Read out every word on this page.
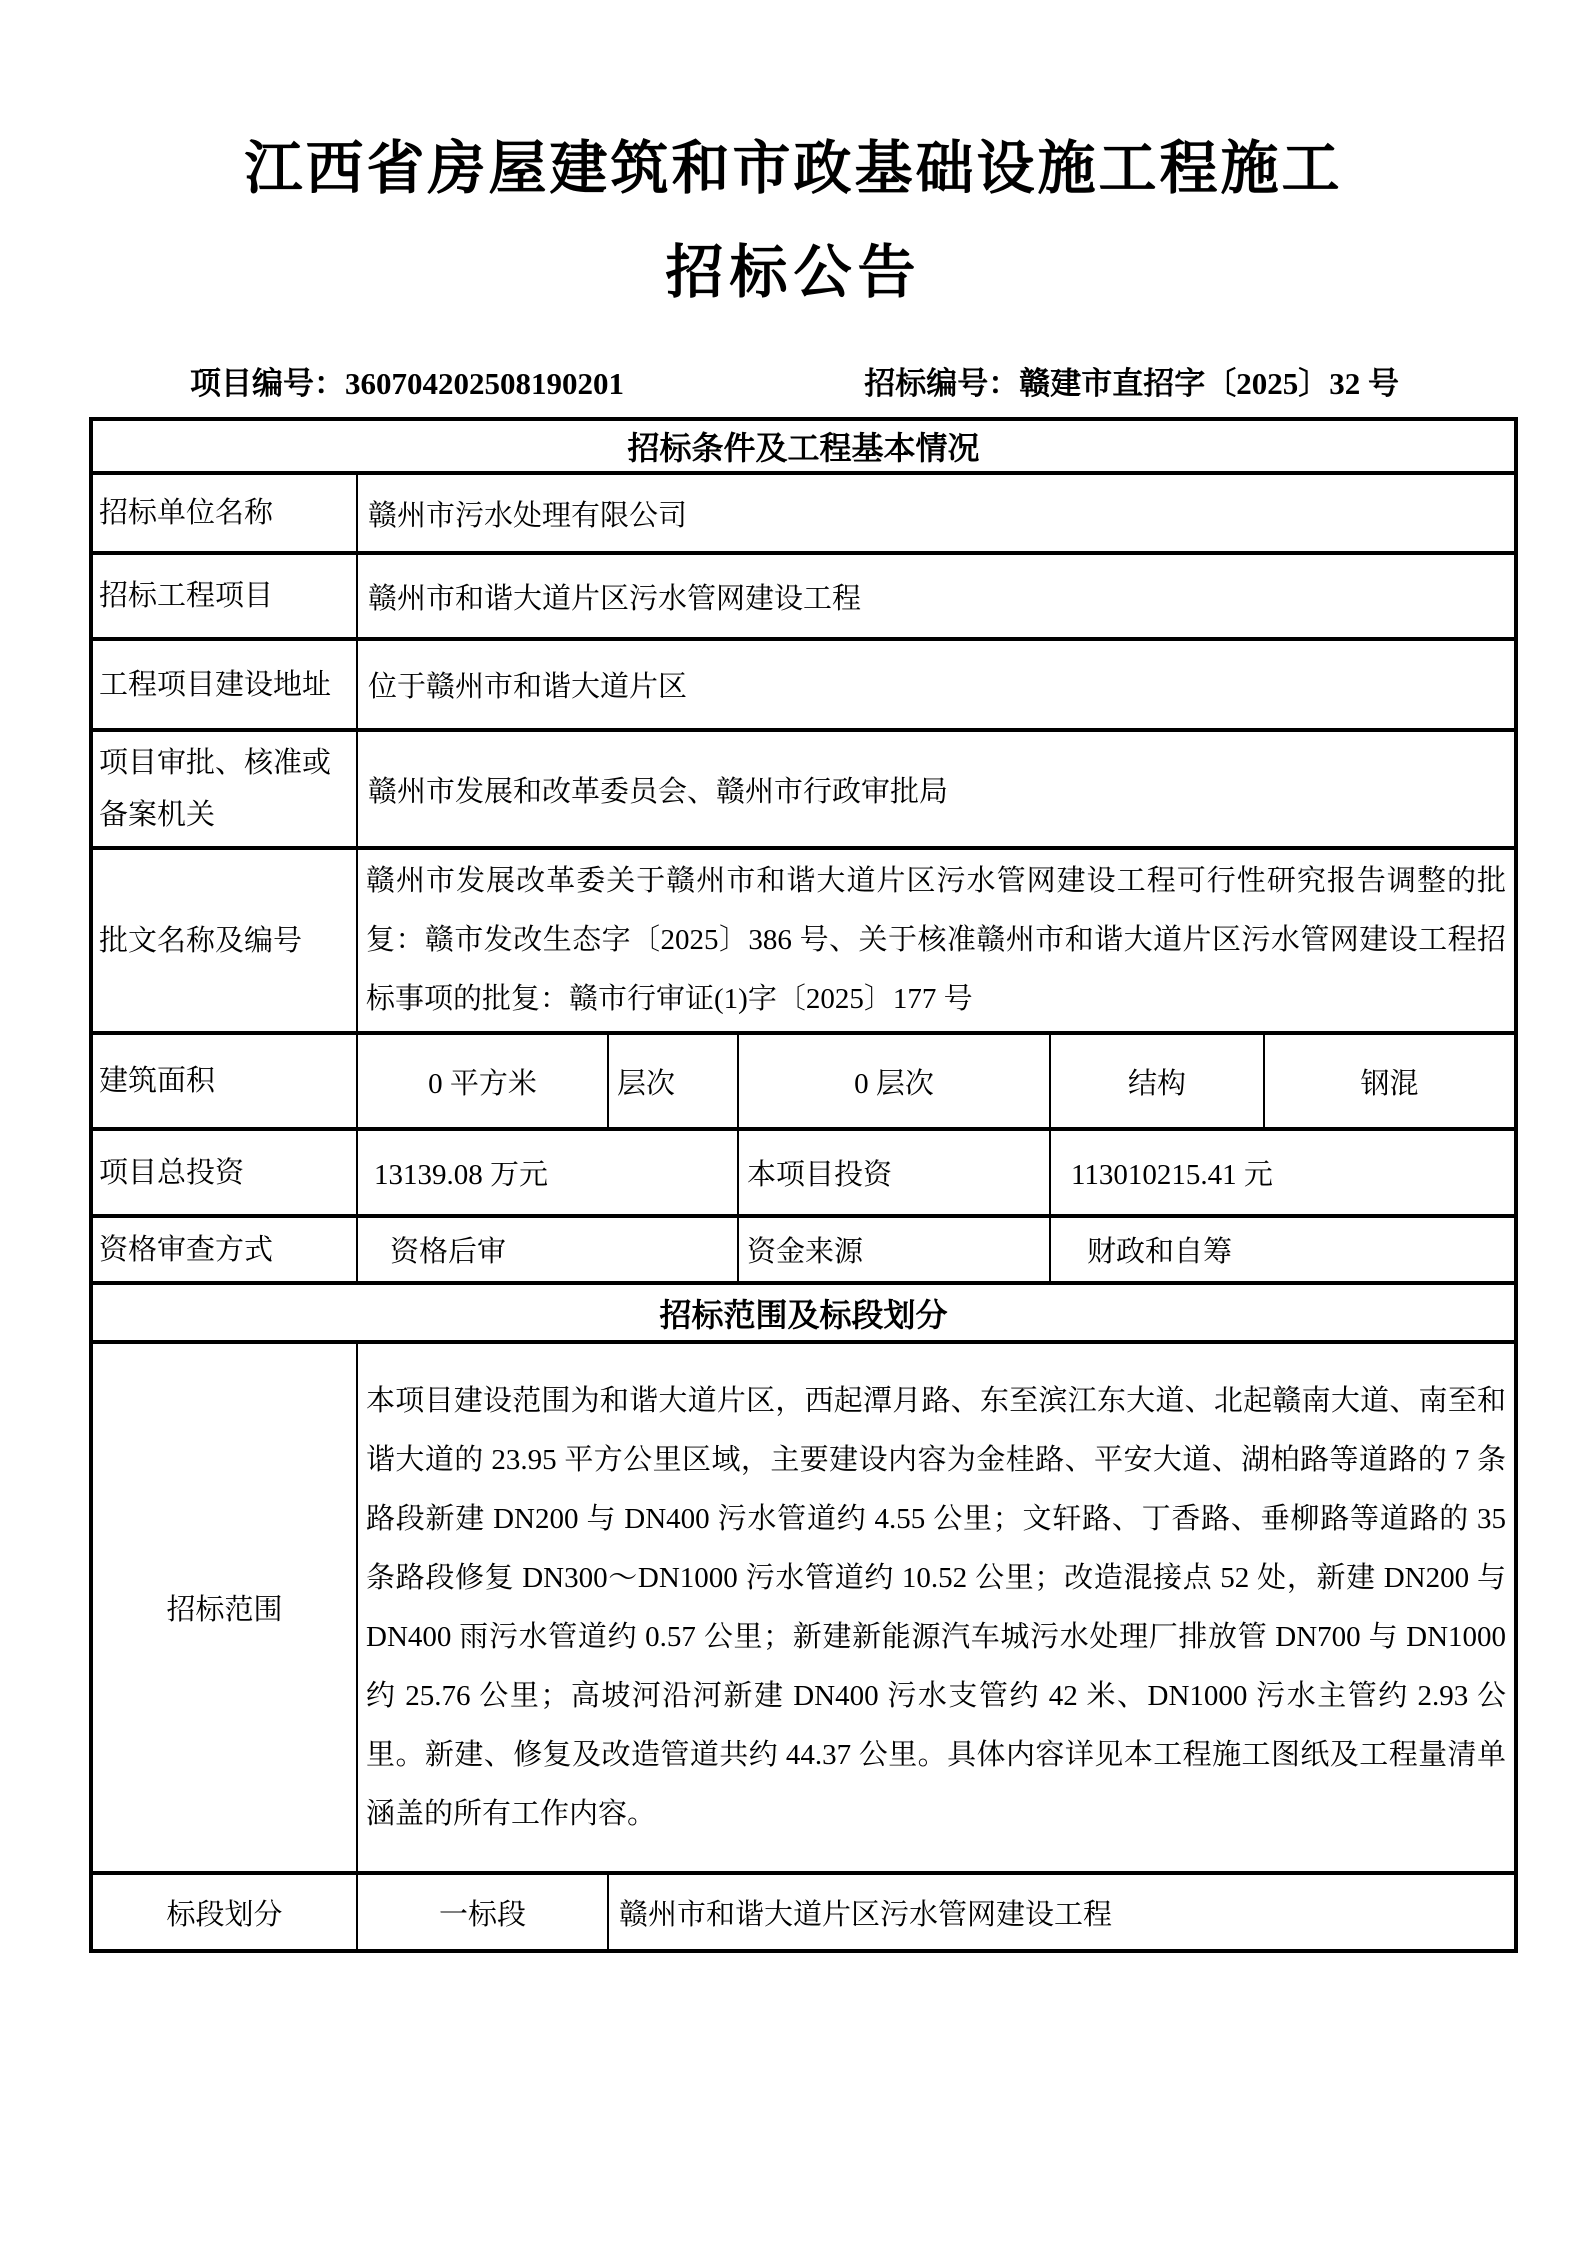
江西省房屋建筑和市政基础设施工程施工
招标公告
项目编号：360704202508190201	招标编号：赣建市直招字〔2025〕32 号
招标条件及工程基本情况					
招标单位名称	赣州市污水处理有限公司				
招标工程项目	赣州市和谐大道片区污水管网建设工程				
工程项目建设地址	位于赣州市和谐大道片区				
项目审批、核准或备案机关	赣州市发展和改革委员会、赣州市行政审批局				
批文名称及编号	赣州市发展改革委关于赣州市和谐大道片区污水管网建设工程可行性研究报告调整的批复：赣市发改生态字〔2025〕386 号、关于核准赣州市和谐大道片区污水管网建设工程招标事项的批复：赣市行审证(1)字〔2025〕177 号				
建筑面积	0 平方米	层次	0 层次	结构	钢混
项目总投资	13139.08 万元		本项目投资	113010215.41 元	
资格审查方式	资格后审		资金来源	财政和自筹	
招标范围及标段划分					
招标范围	本项目建设范围为和谐大道片区，西起潭月路、东至滨江东大道、北起赣南大道、南至和谐大道的 23.95 平方公里区域，主要建设内容为金桂路、平安大道、湖柏路等道路的 7 条路段新建 DN200 与 DN400 污水管道约 4.55 公里；文轩路、丁香路、垂柳路等道路的 35 条路段修复 DN300～DN1000 污水管道约 10.52 公里；改造混接点 52 处，新建 DN200 与 DN400 雨污水管道约 0.57 公里；新建新能源汽车城污水处理厂排放管 DN700 与 DN1000 约 25.76 公里；高坡河沿河新建 DN400 污水支管约 42 米、DN1000 污水主管约 2.93 公里。新建、修复及改造管道共约 44.37 公里。具体内容详见本工程施工图纸及工程量清单涵盖的所有工作内容。				
标段划分	一标段	赣州市和谐大道片区污水管网建设工程			
